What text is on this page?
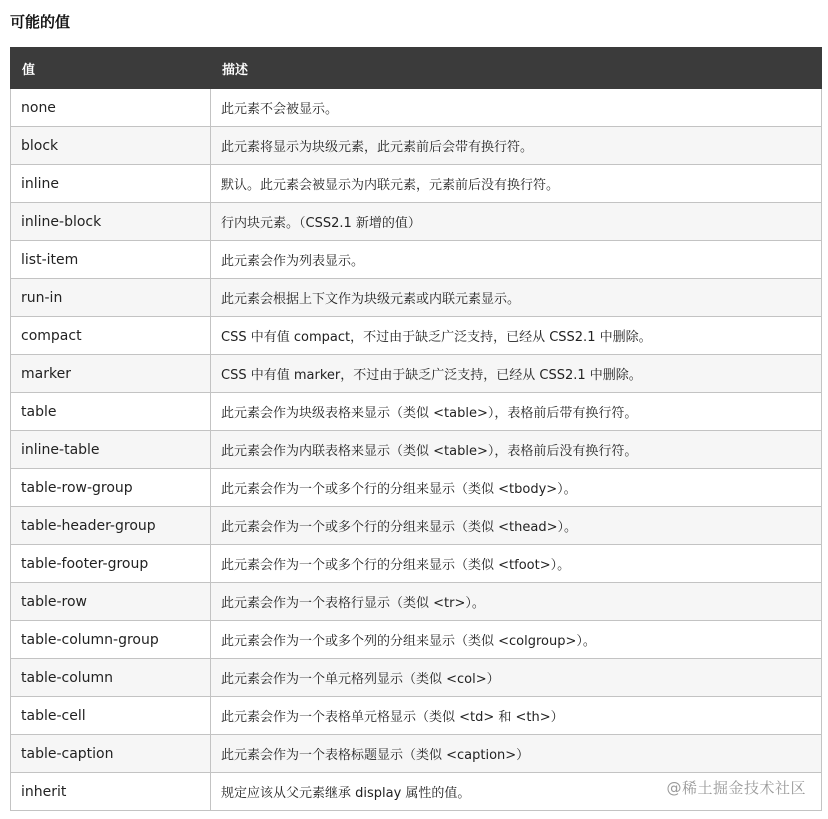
可能的值
值	描述
none	此元素不会被显示。
block	此元素将显示为块级元素，此元素前后会带有换行符。
inline	默认。此元素会被显示为内联元素，元素前后没有换行符。
inline-block	行内块元素。（CSS2.1 新增的值）
list-item	此元素会作为列表显示。
run-in	此元素会根据上下文作为块级元素或内联元素显示。
compact	CSS 中有值 compact，不过由于缺乏广泛支持，已经从 CSS2.1 中删除。
marker	CSS 中有值 marker，不过由于缺乏广泛支持，已经从 CSS2.1 中删除。
table	此元素会作为块级表格来显示（类似 <table>），表格前后带有换行符。
inline-table	此元素会作为内联表格来显示（类似 <table>），表格前后没有换行符。
table-row-group	此元素会作为一个或多个行的分组来显示（类似 <tbody>）。
table-header-group	此元素会作为一个或多个行的分组来显示（类似 <thead>）。
table-footer-group	此元素会作为一个或多个行的分组来显示（类似 <tfoot>）。
table-row	此元素会作为一个表格行显示（类似 <tr>）。
table-column-group	此元素会作为一个或多个列的分组来显示（类似 <colgroup>）。
table-column	此元素会作为一个单元格列显示（类似 <col>）
table-cell	此元素会作为一个表格单元格显示（类似 <td> 和 <th>）
table-caption	此元素会作为一个表格标题显示（类似 <caption>）
inherit	规定应该从父元素继承 display 属性的值。	@稀土掘金技术社区
